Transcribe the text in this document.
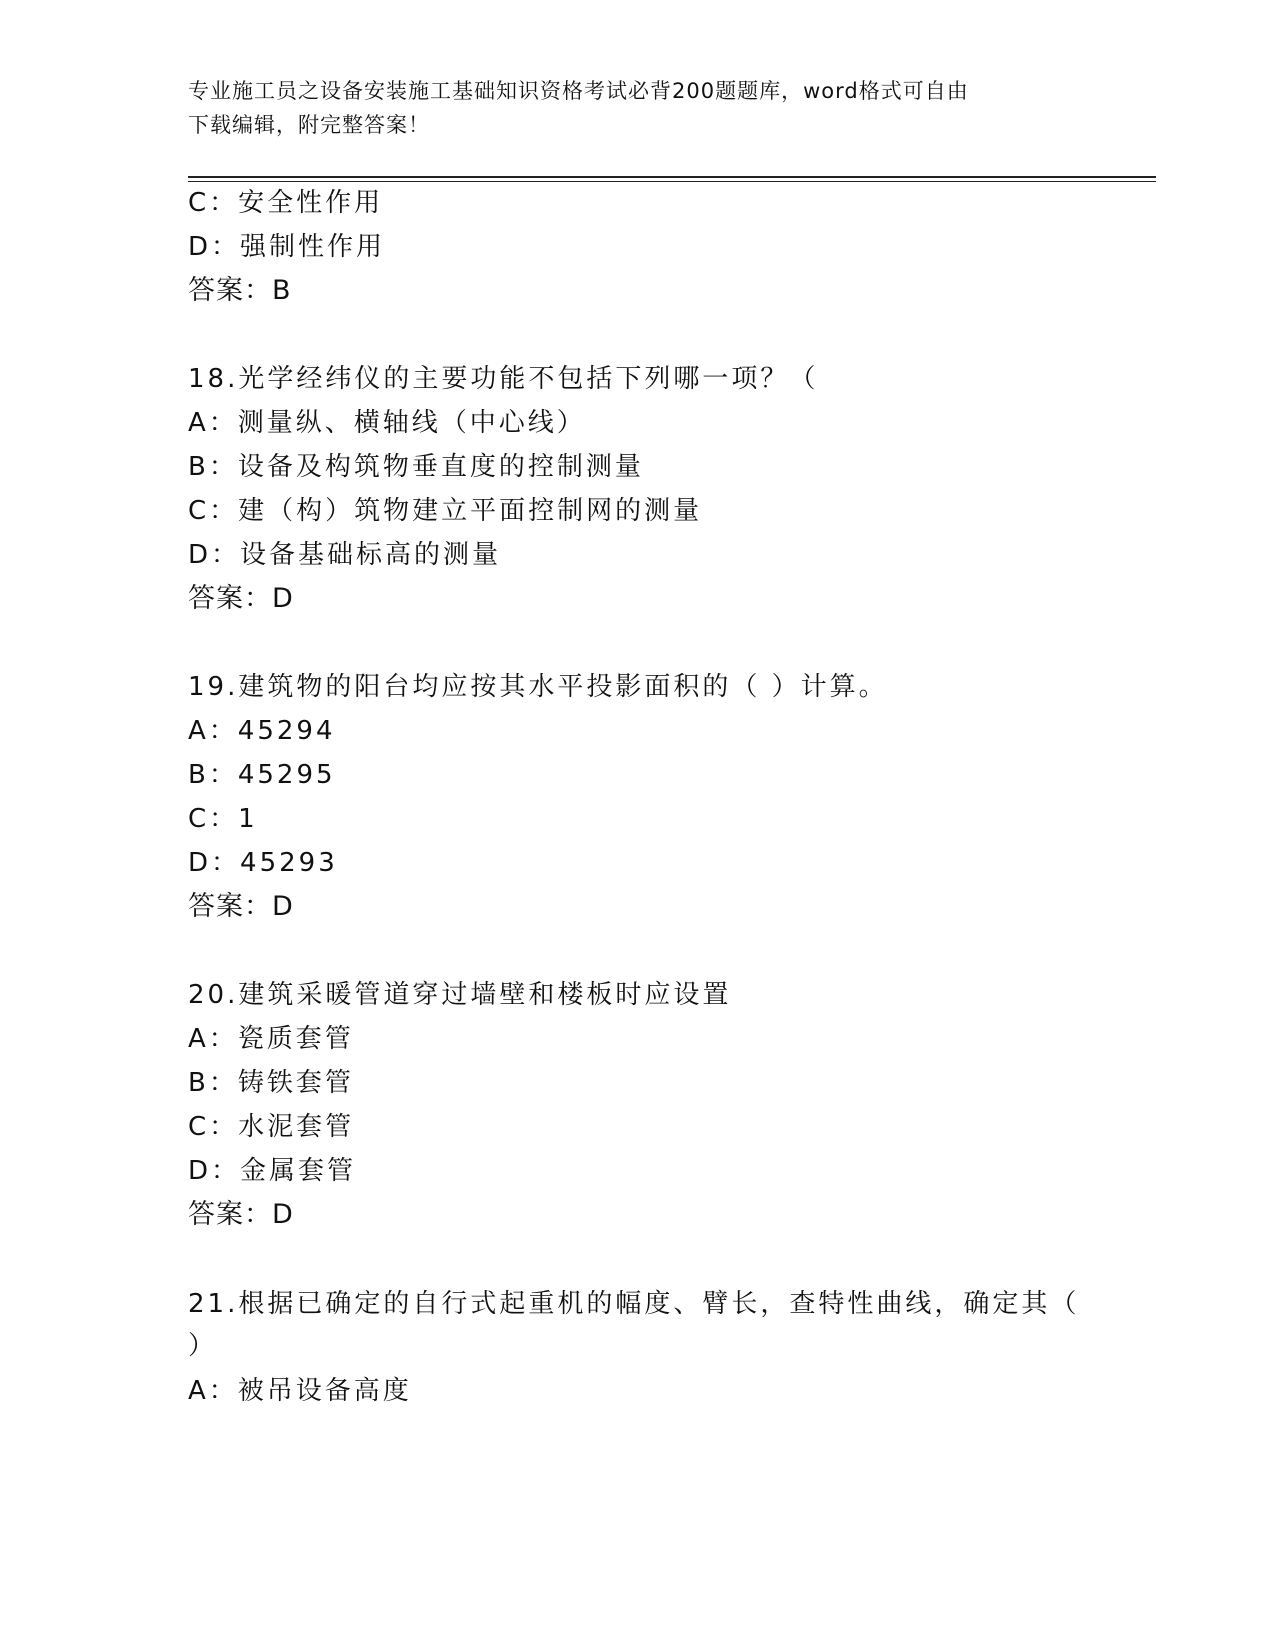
专业施工员之设备安装施工基础知识资格考试必背200题题库，word格式可自由
下载编辑，附完整答案！
C：安全性作用
D：强制性作用
答案：B
18.光学经纬仪的主要功能不包括下列哪一项？（
A：测量纵、横轴线（中心线）
B：设备及构筑物垂直度的控制测量
C：建（构）筑物建立平面控制网的测量
D：设备基础标高的测量
答案：D
19.建筑物的阳台均应按其水平投影面积的（ ）计算。
A：45294
B：45295
C：1
D：45293
答案：D
20.建筑采暖管道穿过墙壁和楼板时应设置
A：瓷质套管
B：铸铁套管
C：水泥套管
D：金属套管
答案：D
21.根据已确定的自行式起重机的幅度、臂长，查特性曲线，确定其（
）
A：被吊设备高度
